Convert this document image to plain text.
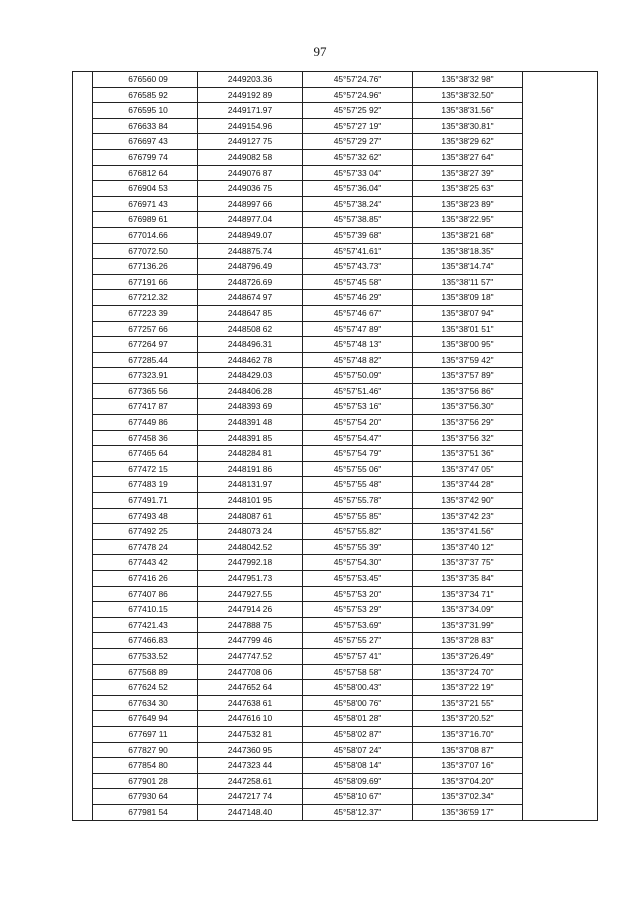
97
	676560 09	2449203.36	45°57'24.76"	135°38'32 98"	
	676585 92	2449192 89	45°57'24.96"	135°38'32.50"	
	676595 10	2449171.97	45°57'25 92"	135°38'31.56"	
	676633 84	2449154.96	45°57'27 19"	135°38'30.81"	
	676697 43	2449127 75	45°57'29 27"	135°38'29 62"	
	676799 74	2449082 58	45°57'32 62"	135°38'27 64"	
	676812 64	2449076 87	45°57'33 04"	135°38'27 39"	
	676904 53	2449036 75	45°57'36.04"	135°38'25 63"	
	676971 43	2448997 66	45°57'38.24"	135°38'23 89"	
	676989 61	2448977.04	45°57'38.85"	135°38'22.95"	
	677014.66	2448949.07	45°57'39 68"	135°38'21 68"	
	677072.50	2448875.74	45°57'41.61"	135°38'18.35"	
	677136.26	2448796.49	45°57'43.73"	135°38'14.74"	
	677191 66	2448726.69	45°57'45 58"	135°38'11 57"	
	677212.32	2448674 97	45°57'46 29"	135°38'09 18"	
	677223 39	2448647 85	45°57'46 67"	135°38'07 94"	
	677257 66	2448508 62	45°57'47 89"	135°38'01 51"	
	677264 97	2448496.31	45°57'48 13"	135°38'00 95"	
	677285.44	2448462 78	45°57'48 82"	135°37'59 42"	
	677323.91	2448429.03	45°57'50.09"	135°37'57 89"	
	677365 56	2448406.28	45°57'51.46"	135°37'56 86"	
	677417 87	2448393 69	45°57'53 16"	135°37'56.30"	
	677449 86	2448391 48	45°57'54 20"	135°37'56 29"	
	677458 36	2448391 85	45°57'54.47"	135°37'56 32"	
	677465 64	2448284 81	45°57'54 79"	135°37'51 36"	
	677472 15	2448191 86	45°57'55 06"	135°37'47 05"	
	677483 19	2448131.97	45°57'55 48"	135°37'44 28"	
	677491.71	2448101 95	45°57'55.78"	135°37'42 90"	
	677493 48	2448087 61	45°57'55 85"	135°37'42 23"	
	677492 25	2448073 24	45°57'55.82"	135°37'41.56"	
	677478 24	2448042.52	45°57'55 39"	135°37'40 12"	
	677443 42	2447992.18	45°57'54.30"	135°37'37 75"	
	677416 26	2447951.73	45°57'53.45"	135°37'35 84"	
	677407 86	2447927.55	45°57'53 20"	135°37'34 71"	
	677410.15	2447914 26	45°57'53 29"	135°37'34.09"	
	677421.43	2447888 75	45°57'53.69"	135°37'31.99"	
	677466.83	2447799 46	45°57'55 27"	135°37'28 83"	
	677533.52	2447747.52	45°57'57 41"	135°37'26.49"	
	677568 89	2447708 06	45°57'58 58"	135°37'24 70"	
	677624 52	2447652 64	45°58'00.43"	135°37'22 19"	
	677634 30	2447638 61	45°58'00 76"	135°37'21 55"	
	677649 94	2447616 10	45°58'01 28"	135°37'20.52"	
	677697 11	2447532 81	45°58'02 87"	135°37'16.70"	
	677827 90	2447360 95	45°58'07 24"	135°37'08 87"	
	677854 80	2447323 44	45°58'08 14"	135°37'07 16"	
	677901 28	2447258.61	45°58'09.69"	135°37'04.20"	
	677930 64	2447217 74	45°58'10 67"	135°37'02.34"	
	677981 54	2447148.40	45°58'12.37"	135°36'59 17"	
